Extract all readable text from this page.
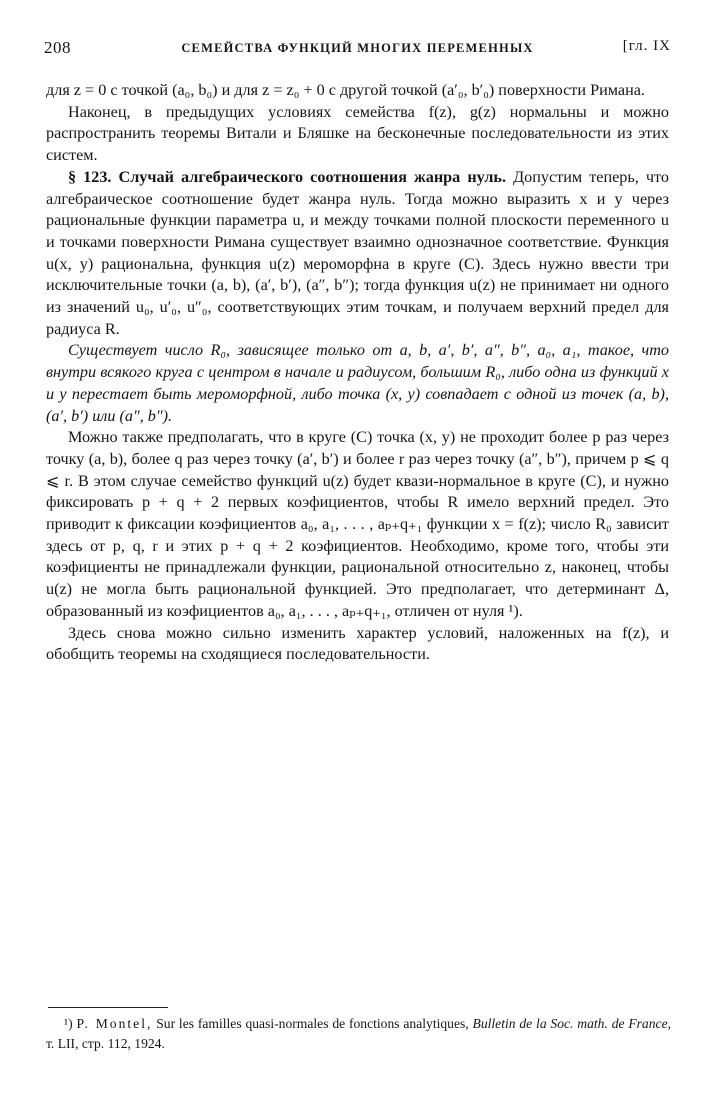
208	СЕМЕЙСТВА ФУНКЦИЙ МНОГИХ ПЕРЕМЕННЫХ	[гл. IX

для z = 0 с точкой (a₀, b₀) и для z = z₀ + 0 с другой точкой (a′₀, b′₀) поверхности Римана.

Наконец, в предыдущих условиях семейства f(z), g(z) нормальны и можно распространить теоремы Витали и Бляшке на бесконечные последовательности из этих систем.

§ 123. Случай алгебраического соотношения жанра нуль. Допустим теперь, что алгебраическое соотношение будет жанра нуль. Тогда можно выразить x и y через рациональные функции параметра u, и между точками полной плоскости переменного u и точками поверхности Римана существует взаимно однозначное соответствие. Функция u(x, y) рациональна, функция u(z) мероморфна в круге (C). Здесь нужно ввести три исключительные точки (a, b), (a′, b′), (a″, b″); тогда функция u(z) не принимает ни одного из значений u₀, u′₀, u″₀, соответствующих этим точкам, и получаем верхний предел для радиуса R.

Существует число R₀, зависящее только от a, b, a′, b′, a″, b″, a₀, a₁, такое, что внутри всякого круга с центром в начале и радиусом, большим R₀, либо одна из функций x и y перестает быть мероморфной, либо точка (x, y) совпадает с одной из точек (a, b), (a′, b′) или (a″, b″).

Можно также предполагать, что в круге (C) точка (x, y) не проходит более p раз через точку (a, b), более q раз через точку (a′, b′) и более r раз через точку (a″, b″), причем p ⩽ q ⩽ r. В этом случае семейство функций u(z) будет квази-нормальное в круге (C), и нужно фиксировать p + q + 2 первых коэфициентов, чтобы R имело верхний предел. Это приводит к фиксации коэфициентов a₀, a₁, . . . , aₚ₊q₊₁ функции x = f(z); число R₀ зависит здесь от p, q, r и этих p + q + 2 коэфициентов. Необходимо, кроме того, чтобы эти коэфициенты не принадлежали функции, рациональной относительно z, наконец, чтобы u(z) не могла быть рациональной функцией. Это предполагает, что детерминант Δ, образованный из коэфициентов a₀, a₁, . . . , aₚ₊q₊₁, отличен от нуля ¹).

Здесь снова можно сильно изменить характер условий, наложенных на f(z), и обобщить теоремы на сходящиеся последовательности.

¹) P. Montel, Sur les familles quasi-normales de fonctions analytiques, Bulletin de la Soc. math. de France, т. LII, стр. 112, 1924.
